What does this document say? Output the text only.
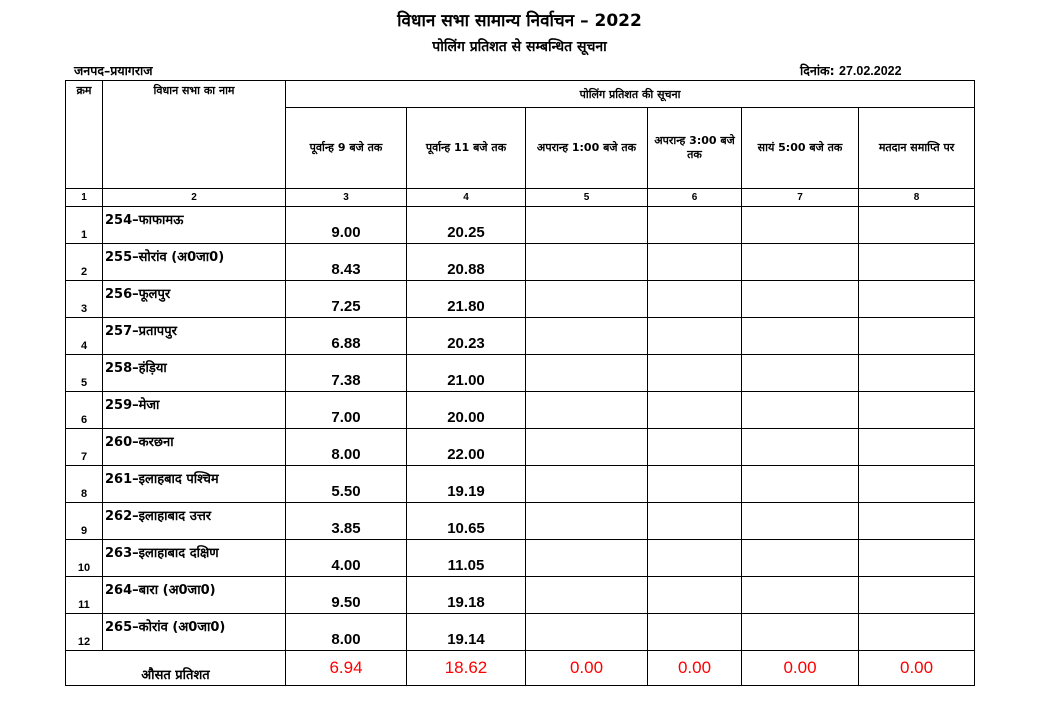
विधान सभा सामान्य निर्वाचन – 2022
पोलिंग प्रतिशत से सम्बन्धित सूचना
जनपद–प्रयागराज	दिनांक: 27.02.2022
क्रम	विधान सभा का नाम	पोलिंग प्रतिशत की सूचना					
		पूर्वान्ह 9 बजे तक	पूर्वान्ह 11 बजे तक	अपरान्ह 1:00 बजे तक	अपरान्ह 3:00 बजे तक	सायं 5:00 बजे तक	मतदान समाप्ति पर
1	2	3	4	5	6	7	8
1	254–फाफामऊ	9.00	20.25				
2	255–सोरांव (अ0जा0)	8.43	20.88				
3	256–फूलपुर	7.25	21.80				
4	257–प्रतापपुर	6.88	20.23				
5	258–हंड़िया	7.38	21.00				
6	259–मेजा	7.00	20.00				
7	260–करछना	8.00	22.00				
8	261–इलाहबाद पश्चिम	5.50	19.19				
9	262–इलाहाबाद उत्तर	3.85	10.65				
10	263–इलाहाबाद दक्षिण	4.00	11.05				
11	264–बारा (अ0जा0)	9.50	19.18				
12	265–कोरांव (अ0जा0)	8.00	19.14				
औसत प्रतिशत		6.94	18.62	0.00	0.00	0.00	0.00
